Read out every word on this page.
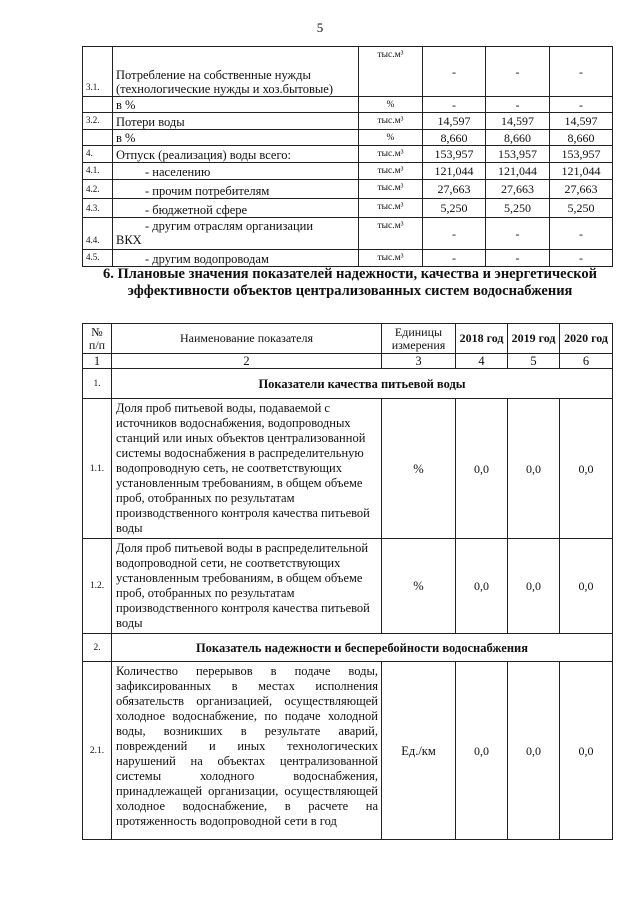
5
3.1.	Потребление на собственные нужды (технологические нужды и хоз.бытовые)	тыс.м³	-	-	-
	в %	%	-	-	-
3.2.	Потери воды	тыс.м³	14,597	14,597	14,597
	в %	%	8,660	8,660	8,660
4.	Отпуск (реализация) воды всего:	тыс.м³	153,957	153,957	153,957
4.1.	- населению	тыс.м³	121,044	121,044	121,044
4.2.	- прочим потребителям	тыс.м³	27,663	27,663	27,663
4.3.	- бюджетной сфере	тыс.м³	5,250	5,250	5,250
4.4.	- другим отраслям организации
ВКХ	тыс.м³	-	-	-
4.5.	- другим водопроводам	тыс.м³	-	-	-
6. Плановые значения показателей надежности, качества и энергетической эффективности объектов централизованных систем водоснабжения
№ п/п	Наименование показателя	Единицы измерения	2018 год	2019 год	2020 год
1	2	3	4	5	6
1.	Показатели качества питьевой воды				
1.1.	Доля проб питьевой воды, подаваемой с источников водоснабжения, водопроводных станций или иных объектов централизованной системы водоснабжения в распределительную водопроводную сеть, не соответствующих установленным требованиям, в общем объеме проб, отобранных по результатам производственного контроля качества питьевой воды	%	0,0	0,0	0,0
1.2.	Доля проб питьевой воды в распределительной водопроводной сети, не соответствующих установленным требованиям, в общем объеме проб, отобранных по результатам производственного контроля качества питьевой воды	%	0,0	0,0	0,0
2.	Показатель надежности и бесперебойности водоснабжения				
2.1.	Количество перерывов в подаче воды, зафиксированных в местах исполнения обязательств организацией, осуществляющей холодное водоснабжение, по подаче холодной воды, возникших в результате аварий, повреждений и иных технологических нарушений на объектах централизованной системы холодного водоснабжения, принадлежащей организации, осуществляющей холодное водоснабжение, в расчете на протяженность водопроводной сети в год	Ед./км	0,0	0,0	0,0
